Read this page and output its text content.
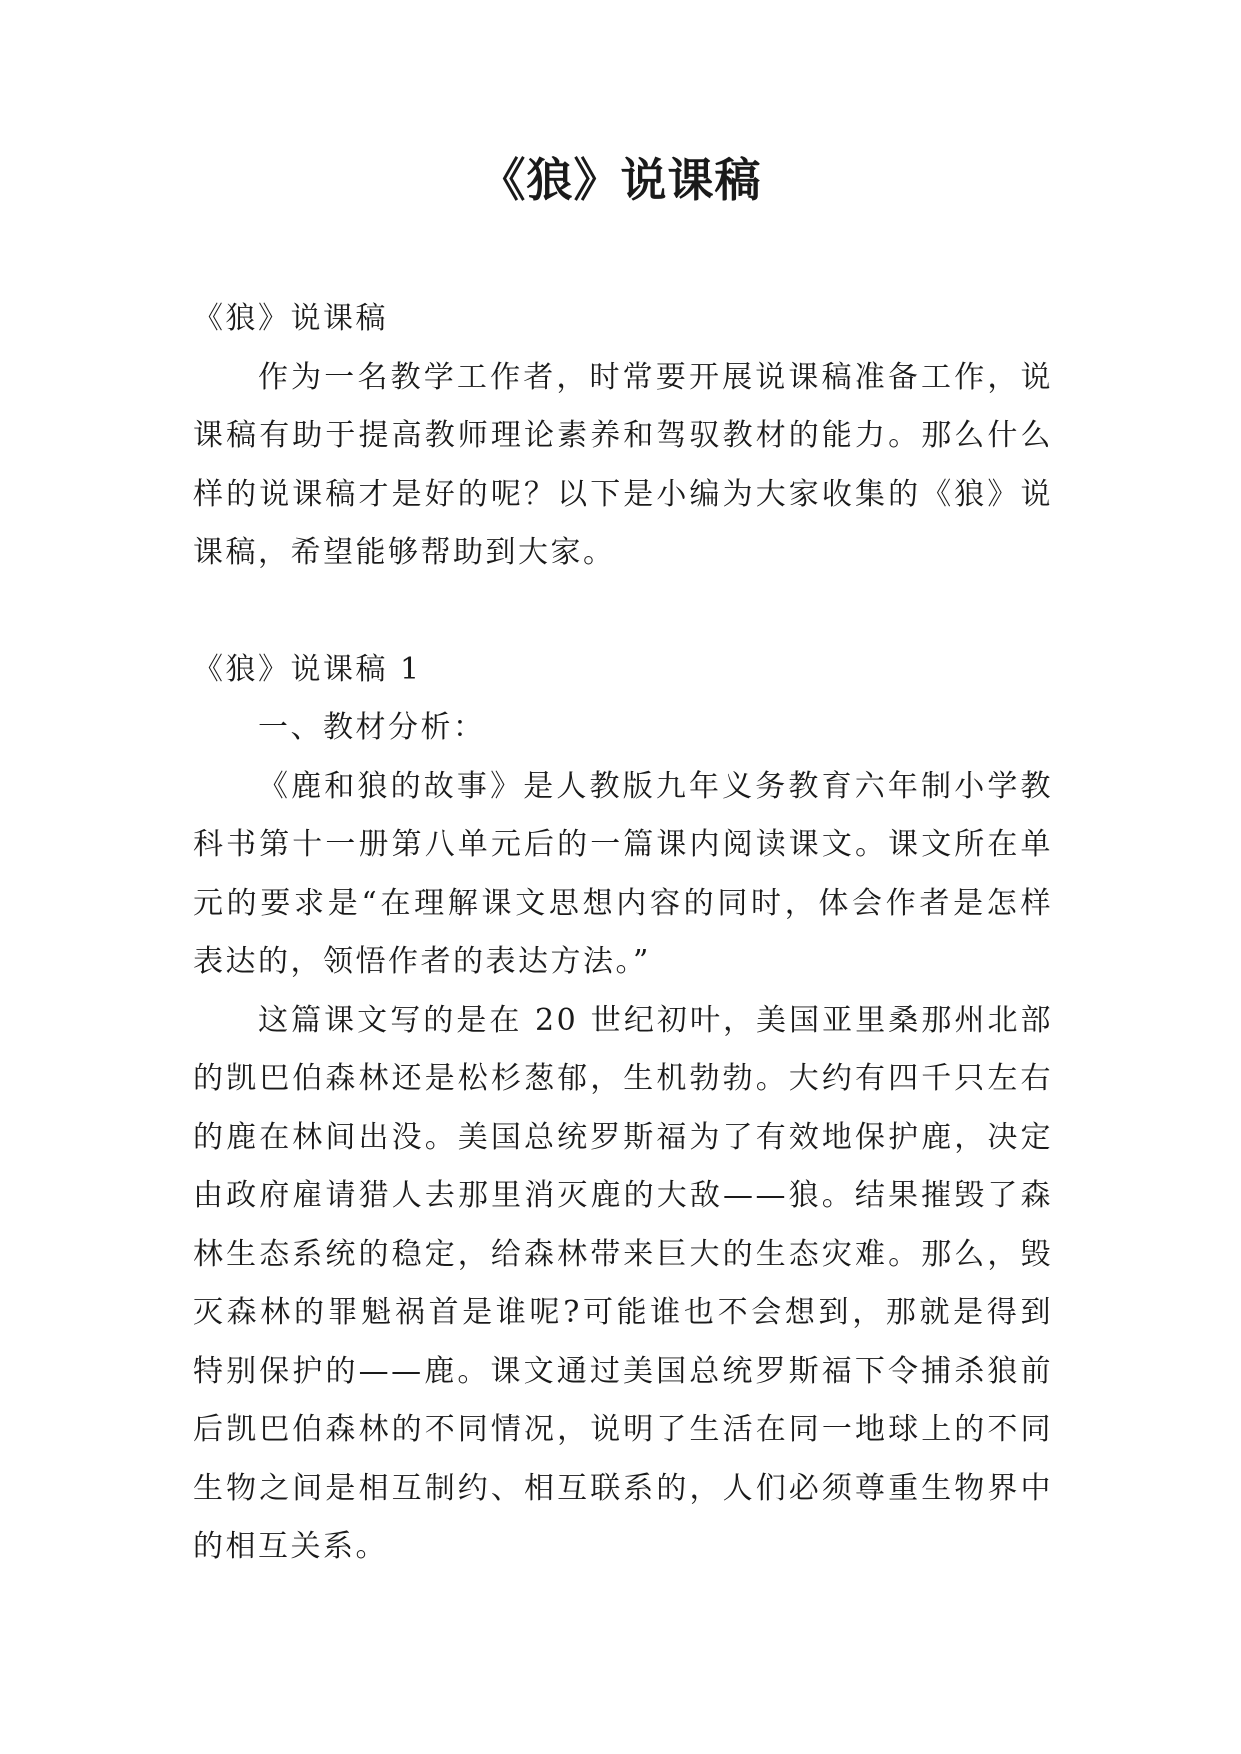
《狼》说课稿

《狼》说课稿

作为一名教学工作者，时常要开展说课稿准备工作，说课稿有助于提高教师理论素养和驾驭教材的能力。那么什么样的说课稿才是好的呢？以下是小编为大家收集的《狼》说课稿，希望能够帮助到大家。

《狼》说课稿 1

一、教材分析：

《鹿和狼的故事》是人教版九年义务教育六年制小学教科书第十一册第八单元后的一篇课内阅读课文。课文所在单元的要求是“在理解课文思想内容的同时，体会作者是怎样表达的，领悟作者的表达方法。”

这篇课文写的是在 20 世纪初叶，美国亚里桑那州北部的凯巴伯森林还是松杉葱郁，生机勃勃。大约有四千只左右的鹿在林间出没。美国总统罗斯福为了有效地保护鹿，决定由政府雇请猎人去那里消灭鹿的大敌——狼。结果摧毁了森林生态系统的稳定，给森林带来巨大的生态灾难。那么，毁灭森林的罪魁祸首是谁呢?可能谁也不会想到，那就是得到特别保护的——鹿。课文通过美国总统罗斯福下令捕杀狼前后凯巴伯森林的不同情况，说明了生活在同一地球上的不同生物之间是相互制约、相互联系的，人们必须尊重生物界中的相互关系。
